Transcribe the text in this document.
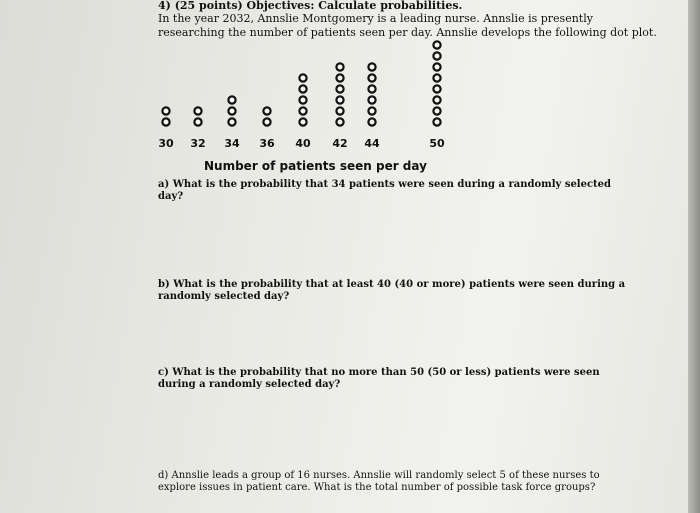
4) (25 points) Objectives: Calculate probabilities.
In the year 2032, Annslie Montgomery is a leading nurse. Annslie is presently
researching the number of patients seen per day. Annslie develops the following dot plot.
30 32 34 36 40 42 44	50
Number of patients seen per day
a) What is the probability that 34 patients were seen during a randomly selected
day?
b) What is the probability that at least 40 (40 or more) patients were seen during a
randomly selected day?
c) What is the probability that no more than 50 (50 or less) patients were seen
during a randomly selected day?
d) Annslie leads a group of 16 nurses. Annslie will randomly select 5 of these nurses to
explore issues in patient care. What is the total number of possible task force groups?
